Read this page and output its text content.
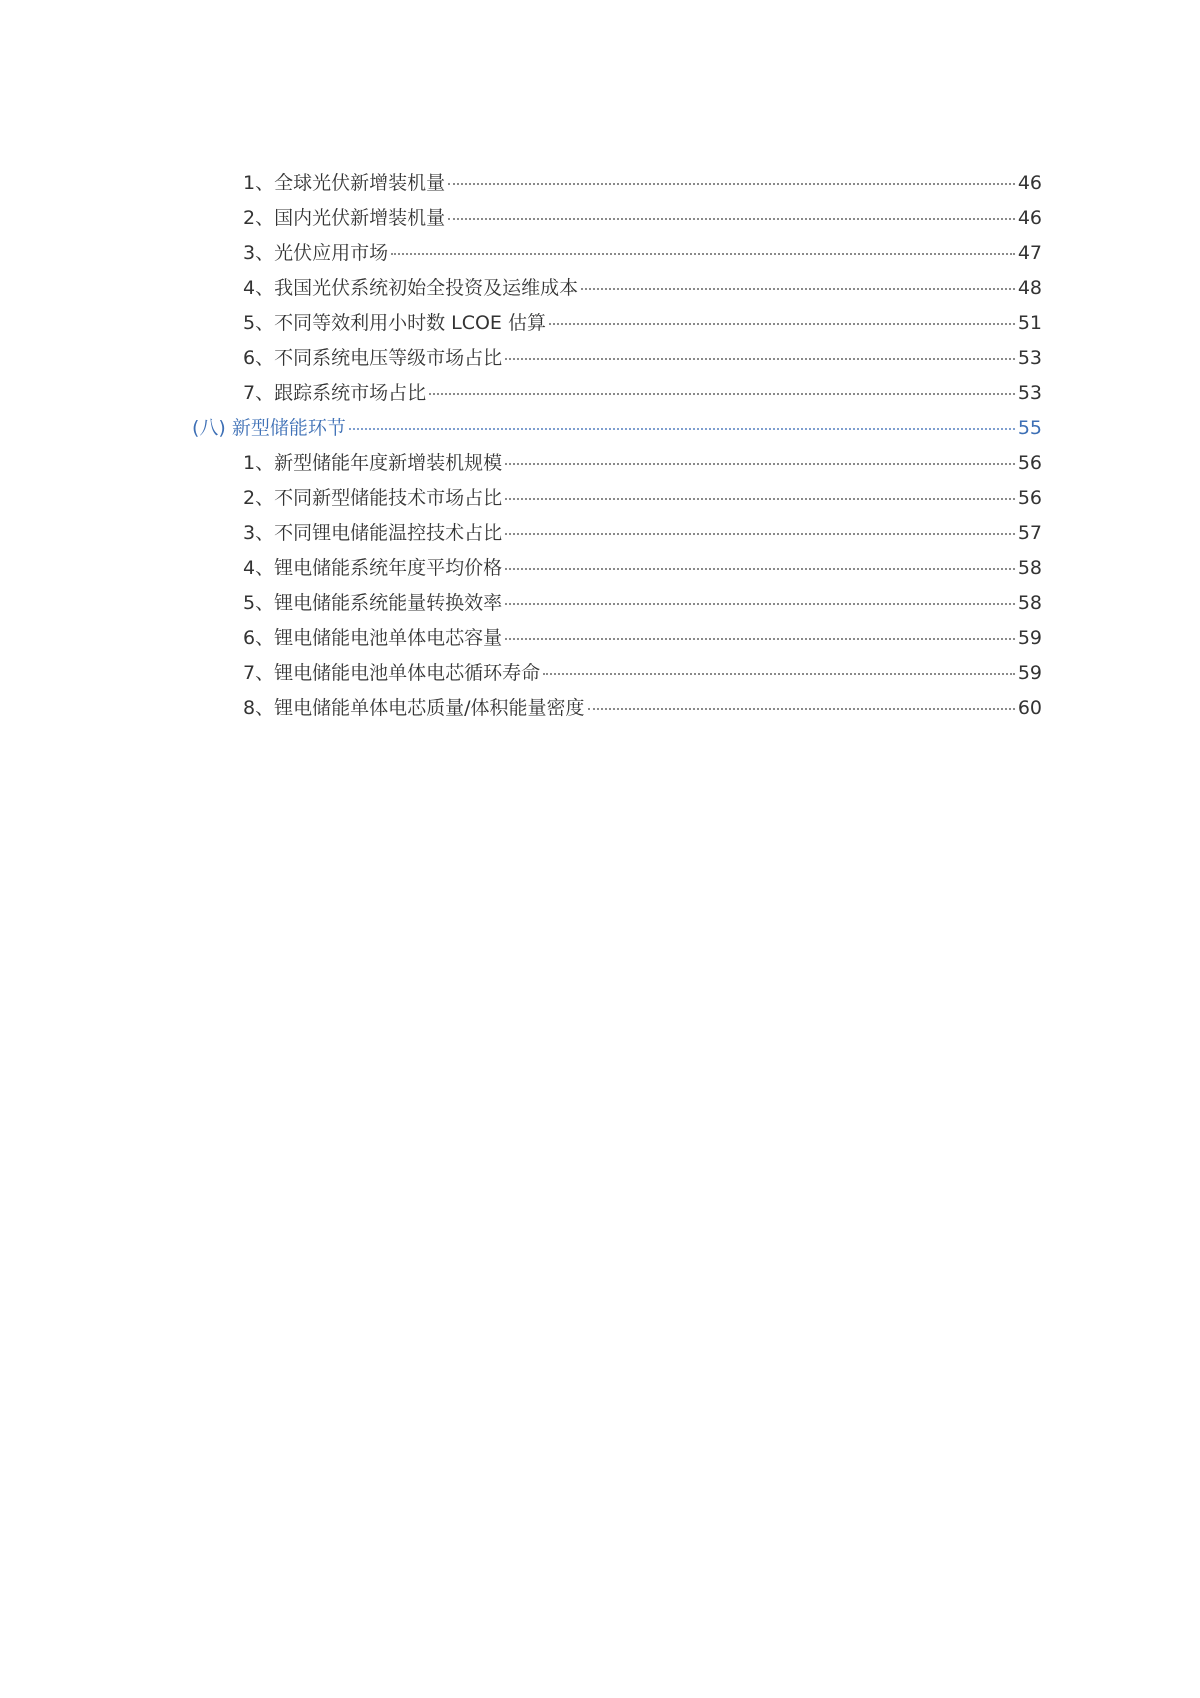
1、全球光伏新增装机量	46
2、国内光伏新增装机量	46
3、光伏应用市场	47
4、我国光伏系统初始全投资及运维成本	48
5、不同等效利用小时数 LCOE 估算	51
6、不同系统电压等级市场占比	53
7、跟踪系统市场占比	53
(八) 新型储能环节	55
1、新型储能年度新增装机规模	56
2、不同新型储能技术市场占比	56
3、不同锂电储能温控技术占比	57
4、锂电储能系统年度平均价格	58
5、锂电储能系统能量转换效率	58
6、锂电储能电池单体电芯容量	59
7、锂电储能电池单体电芯循环寿命	59
8、锂电储能单体电芯质量/体积能量密度	60
